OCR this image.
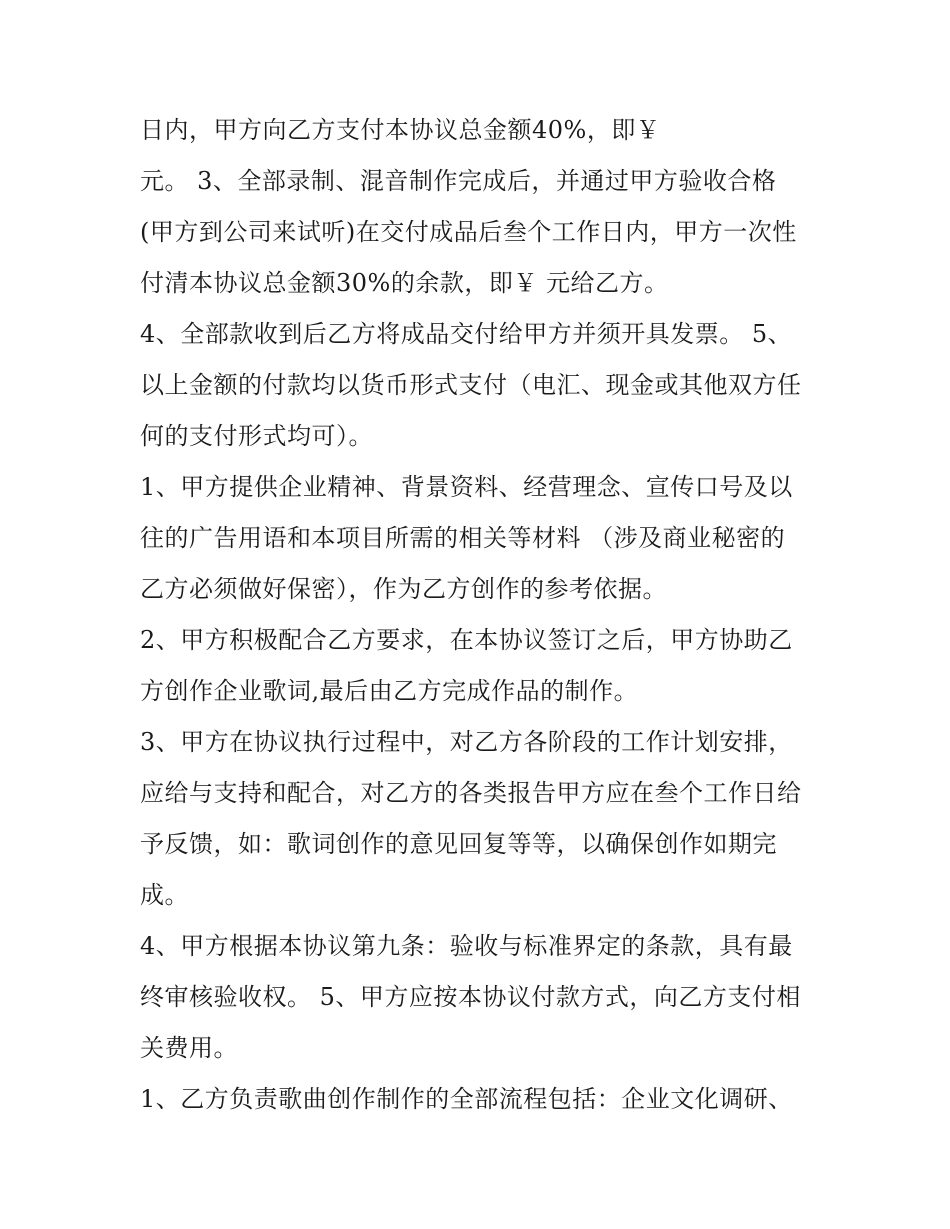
日内，甲方向乙方支付本协议总金额40%，即￥
元。 3、全部录制、混音制作完成后，并通过甲方验收合格
(甲方到公司来试听)在交付成品后叁个工作日内，甲方一次性
付清本协议总金额30%的余款，即￥ 元给乙方。
4、全部款收到后乙方将成品交付给甲方并须开具发票。 5、
以上金额的付款均以货币形式支付（电汇、现金或其他双方任
何的支付形式均可）。
1、甲方提供企业精神、背景资料、经营理念、宣传口号及以
往的广告用语和本项目所需的相关等材料 （涉及商业秘密的
乙方必须做好保密），作为乙方创作的参考依据。
2、甲方积极配合乙方要求，在本协议签订之后，甲方协助乙
方创作企业歌词,最后由乙方完成作品的制作。
3、甲方在协议执行过程中，对乙方各阶段的工作计划安排，
应给与支持和配合，对乙方的各类报告甲方应在叁个工作日给
予反馈，如：歌词创作的意见回复等等，以确保创作如期完
成。
4、甲方根据本协议第九条：验收与标准界定的条款，具有最
终审核验收权。 5、甲方应按本协议付款方式，向乙方支付相
关费用。
1、乙方负责歌曲创作制作的全部流程包括：企业文化调研、
